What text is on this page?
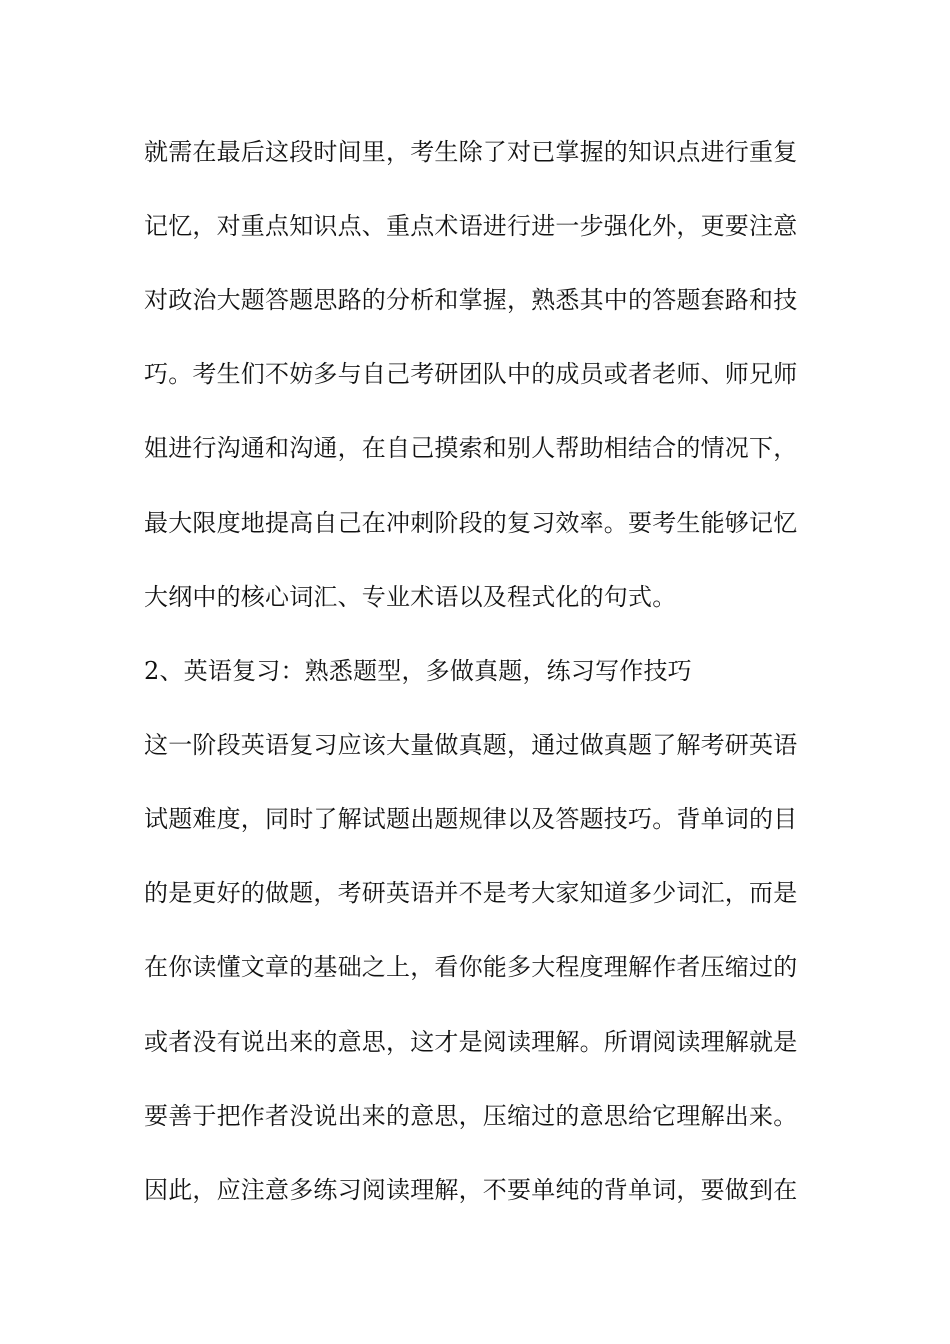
就需在最后这段时间里，考生除了对已掌握的知识点进行重复

记忆，对重点知识点、重点术语进行进一步强化外，更要注意

对政治大题答题思路的分析和掌握，熟悉其中的答题套路和技

巧。考生们不妨多与自己考研团队中的成员或者老师、师兄师

姐进行沟通和沟通，在自己摸索和别人帮助相结合的情况下，

最大限度地提高自己在冲刺阶段的复习效率。要考生能够记忆

大纲中的核心词汇、专业术语以及程式化的句式。

2、英语复习：熟悉题型，多做真题，练习写作技巧

这一阶段英语复习应该大量做真题，通过做真题了解考研英语

试题难度，同时了解试题出题规律以及答题技巧。背单词的目

的是更好的做题，考研英语并不是考大家知道多少词汇，而是

在你读懂文章的基础之上，看你能多大程度理解作者压缩过的

或者没有说出来的意思，这才是阅读理解。所谓阅读理解就是

要善于把作者没说出来的意思，压缩过的意思给它理解出来。

因此，应注意多练习阅读理解，不要单纯的背单词，要做到在
